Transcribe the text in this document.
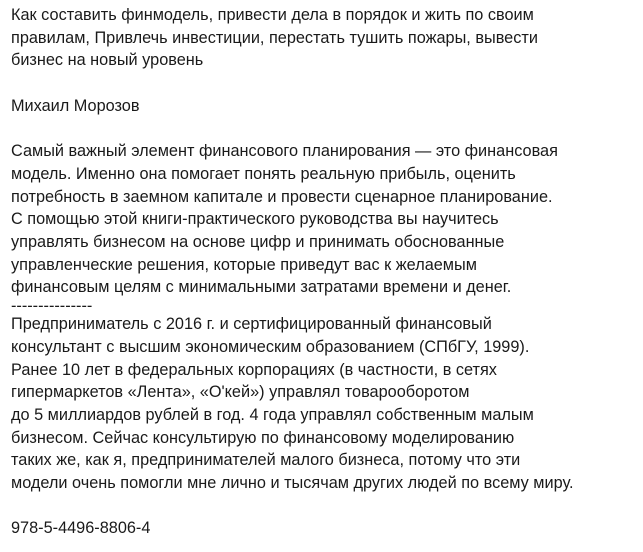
Как составить финмодель, привести дела в порядок и жить по своим
правилам, Привлечь инвестиции, перестать тушить пожары, вывести
бизнес на новый уровень
Михаил Морозов
Самый важный элемент финансового планирования — это финансовая
модель. Именно она помогает понять реальную прибыль, оценить
потребность в заемном капитале и провести сценарное планирование.
С помощью этой книги-практического руководства вы научитесь
управлять бизнесом на основе цифр и принимать обоснованные
управленческие решения, которые приведут вас к желаемым
финансовым целям с минимальными затратами времени и денег.
---------------
Предприниматель с 2016 г. и сертифицированный финансовый
консультант с высшим экономическим образованием (СПбГУ, 1999).
Ранее 10 лет в федеральных корпорациях (в частности, в сетях
гипермаркетов «Лента», «О'кей») управлял товарооборотом
до 5 миллиардов рублей в год. 4 года управлял собственным малым
бизнесом. Сейчас консультирую по финансовому моделированию
таких же, как я, предпринимателей малого бизнеса, потому что эти
модели очень помогли мне лично и тысячам других людей по всему миру.
978-5-4496-8806-4
